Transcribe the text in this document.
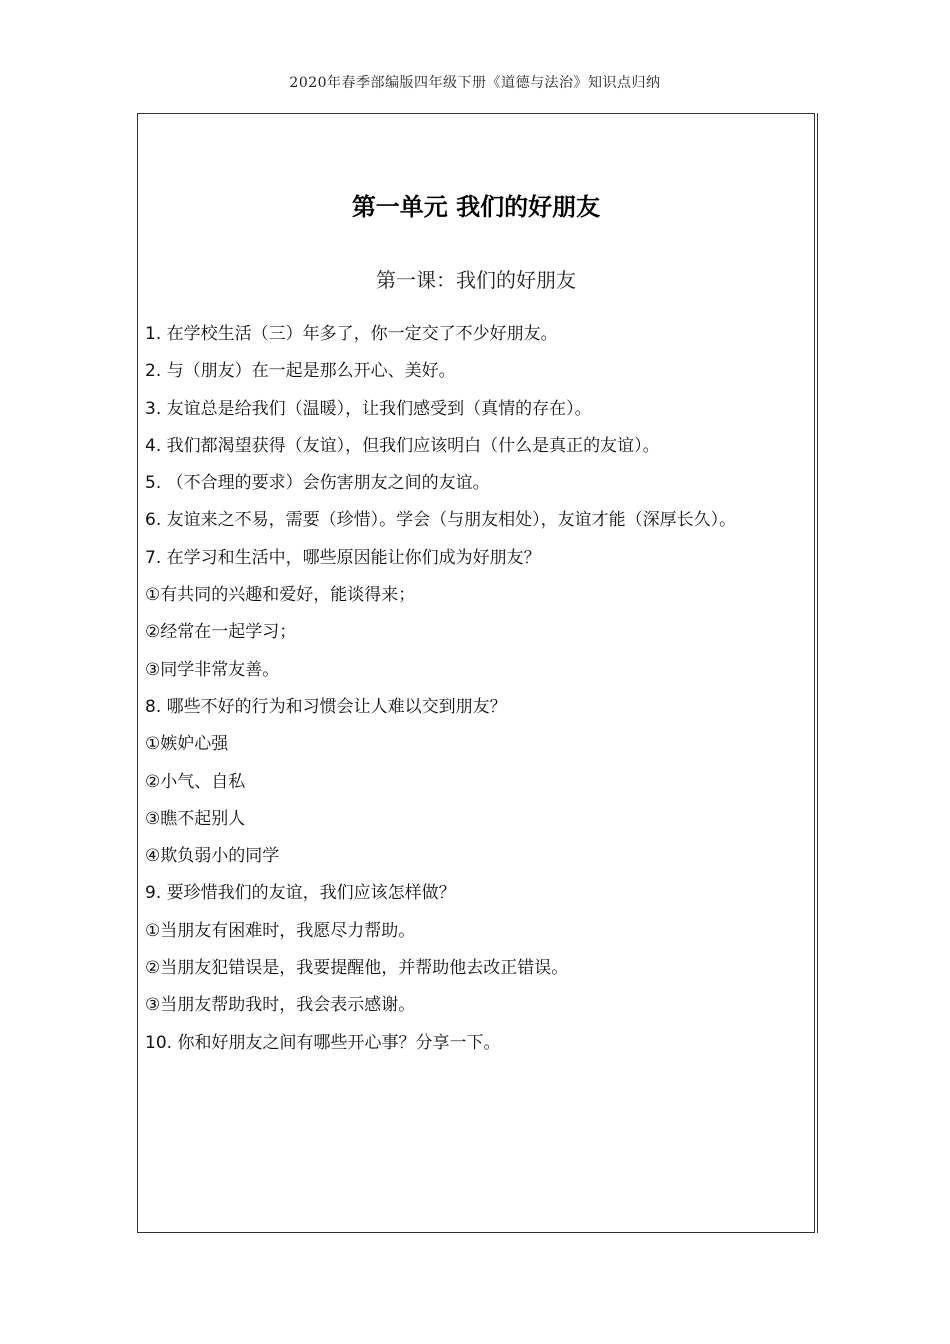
2020年春季部编版四年级下册《道德与法治》知识点归纳
第一单元 我们的好朋友
第一课：我们的好朋友
1. 在学校生活（三）年多了，你一定交了不少好朋友。
2. 与（朋友）在一起是那么开心、美好。
3. 友谊总是给我们（温暖），让我们感受到（真情的存在）。
4. 我们都渴望获得（友谊），但我们应该明白（什么是真正的友谊）。
5. （不合理的要求）会伤害朋友之间的友谊。
6. 友谊来之不易，需要（珍惜）。学会（与朋友相处），友谊才能（深厚长久）。
7. 在学习和生活中，哪些原因能让你们成为好朋友？
①有共同的兴趣和爱好，能谈得来；
②经常在一起学习；
③同学非常友善。
8. 哪些不好的行为和习惯会让人难以交到朋友？
①嫉妒心强
②小气、自私
③瞧不起别人
④欺负弱小的同学
9. 要珍惜我们的友谊，我们应该怎样做？
①当朋友有困难时，我愿尽力帮助。
②当朋友犯错误是，我要提醒他，并帮助他去改正错误。
③当朋友帮助我时，我会表示感谢。
10. 你和好朋友之间有哪些开心事？分享一下。
